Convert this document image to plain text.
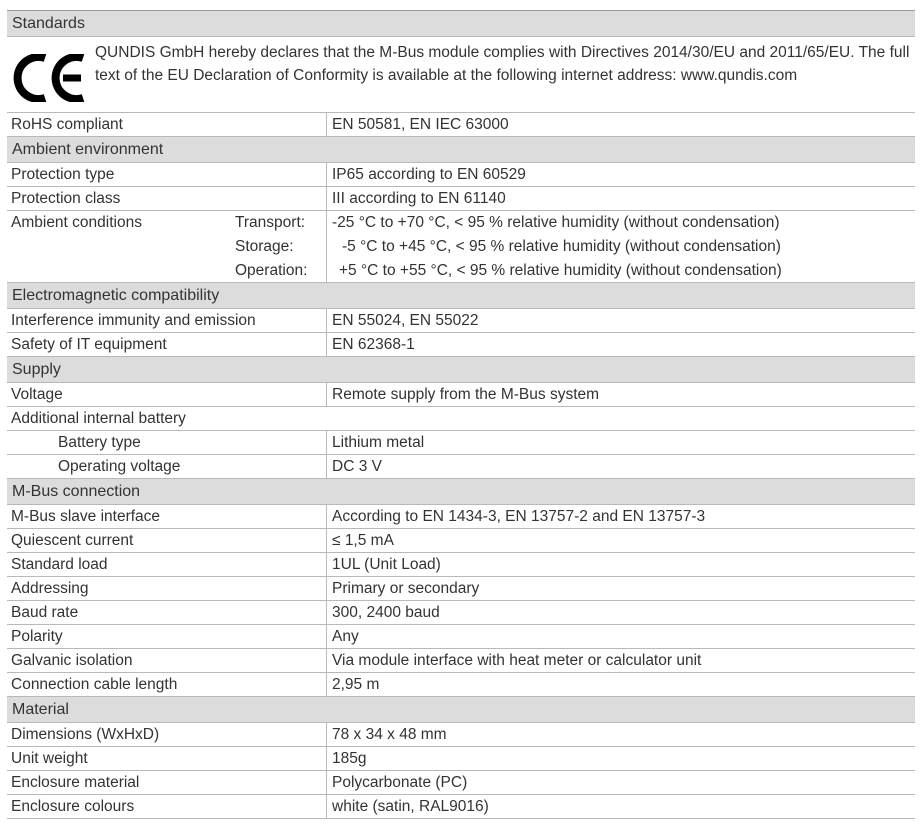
Standards
QUNDIS GmbH hereby declares that the M-Bus module complies with Directives 2014/30/EU and 2011/65/EU. The full text of the EU Declaration of Conformity is available at the following internet address: www.qundis.com
RoHS compliant	EN 50581, EN IEC 63000
Ambient environment
Protection type	IP65 according to EN 60529
Protection class	III according to EN 61140
Ambient conditions	Transport:	-25 °C to +70 °C, < 95 % relative humidity (without condensation)
Storage:	-5 °C to +45 °C, < 95 % relative humidity (without condensation)
Operation:	+5 °C to +55 °C, < 95 % relative humidity (without condensation)
Electromagnetic compatibility
Interference immunity and emission	EN 55024, EN 55022
Safety of IT equipment	EN 62368-1
Supply
Voltage	Remote supply from the M-Bus system
Additional internal battery
Battery type	Lithium metal
Operating voltage	DC 3 V
M-Bus connection
M-Bus slave interface	According to EN 1434-3, EN 13757-2 and EN 13757-3
Quiescent current	≤ 1,5 mA
Standard load	1UL (Unit Load)
Addressing	Primary or secondary
Baud rate	300, 2400 baud
Polarity	Any
Galvanic isolation	Via module interface with heat meter or calculator unit
Connection cable length	2,95 m
Material
Dimensions (WxHxD)	78 x 34 x 48 mm
Unit weight	185g
Enclosure material	Polycarbonate (PC)
Enclosure colours	white (satin, RAL9016)
